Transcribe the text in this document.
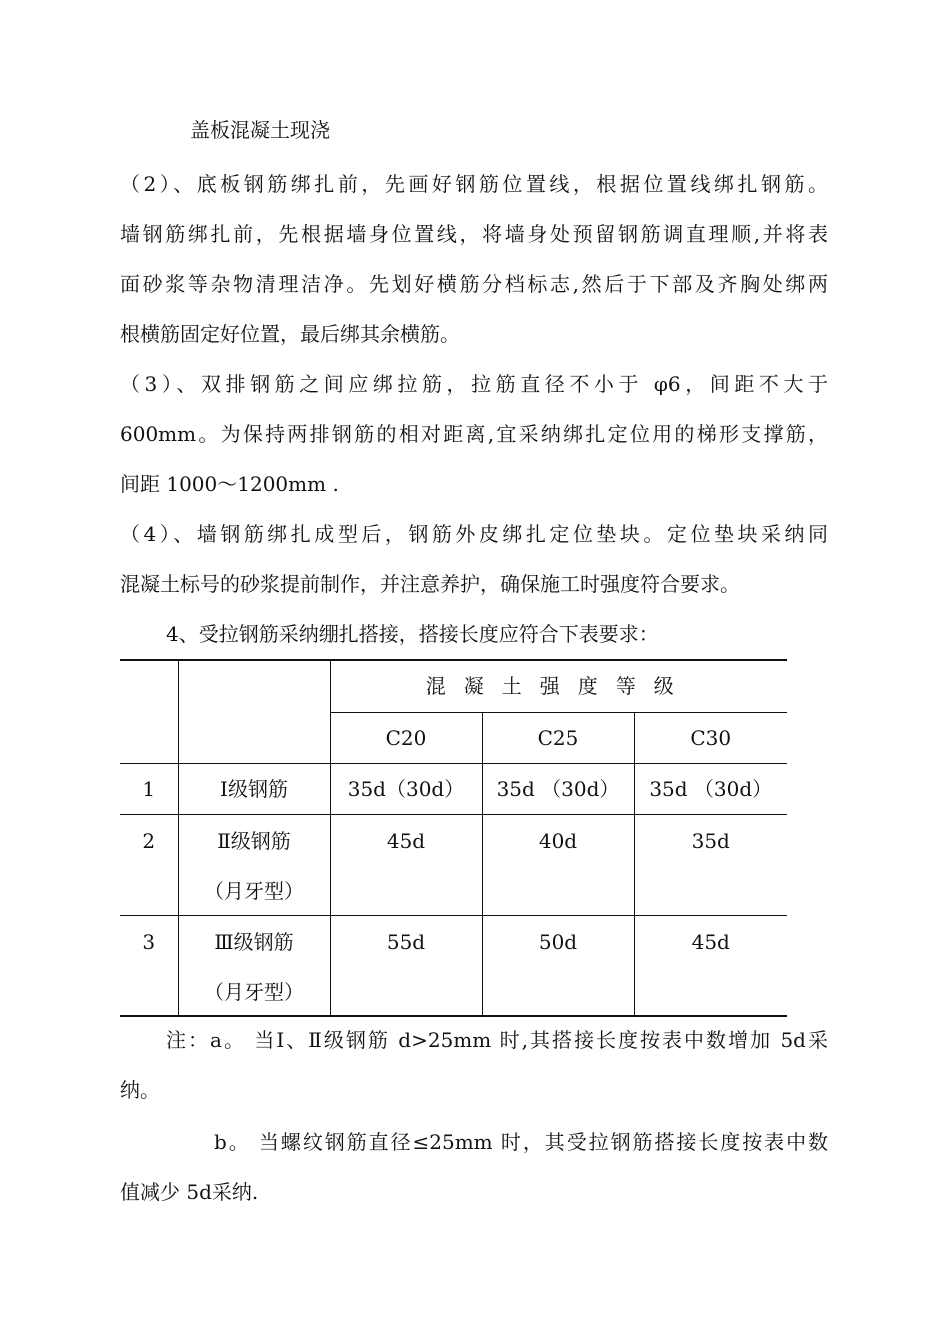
盖板混凝土现浇
（2）、底板钢筋绑扎前，先画好钢筋位置线，根据位置线绑扎钢筋。
墙钢筋绑扎前，先根据墙身位置线，将墙身处预留钢筋调直理顺,并将表
面砂浆等杂物清理洁净。先划好横筋分档标志,然后于下部及齐胸处绑两
根横筋固定好位置，最后绑其余横筋。
（3）、双排钢筋之间应绑拉筋，拉筋直径不小于 φ6，间距不大于
600mm。为保持两排钢筋的相对距离,宜采纳绑扎定位用的梯形支撑筋，
间距 1000～1200mm .
（4）、墙钢筋绑扎成型后，钢筋外皮绑扎定位垫块。定位垫块采纳同
混凝土标号的砂浆提前制作，并注意养护，确保施工时强度符合要求。
4、受拉钢筋采纳绷扎搭接，搭接长度应符合下表要求：
		混凝土强度等级		
		C20	C25	C30
1	Ⅰ级钢筋	35d（30d）	35d （30d）	35d （30d）

2	Ⅱ级钢筋
（月牙型）	45d	40d	35d

3	Ⅲ级钢筋
（月牙型）	55d	50d	45d
注：a。 当Ⅰ、Ⅱ级钢筋 d>25mm 时,其搭接长度按表中数增加 5d采
纳。
b。 当螺纹钢筋直径≤25mm 时，其受拉钢筋搭接长度按表中数
值减少 5d采纳.
